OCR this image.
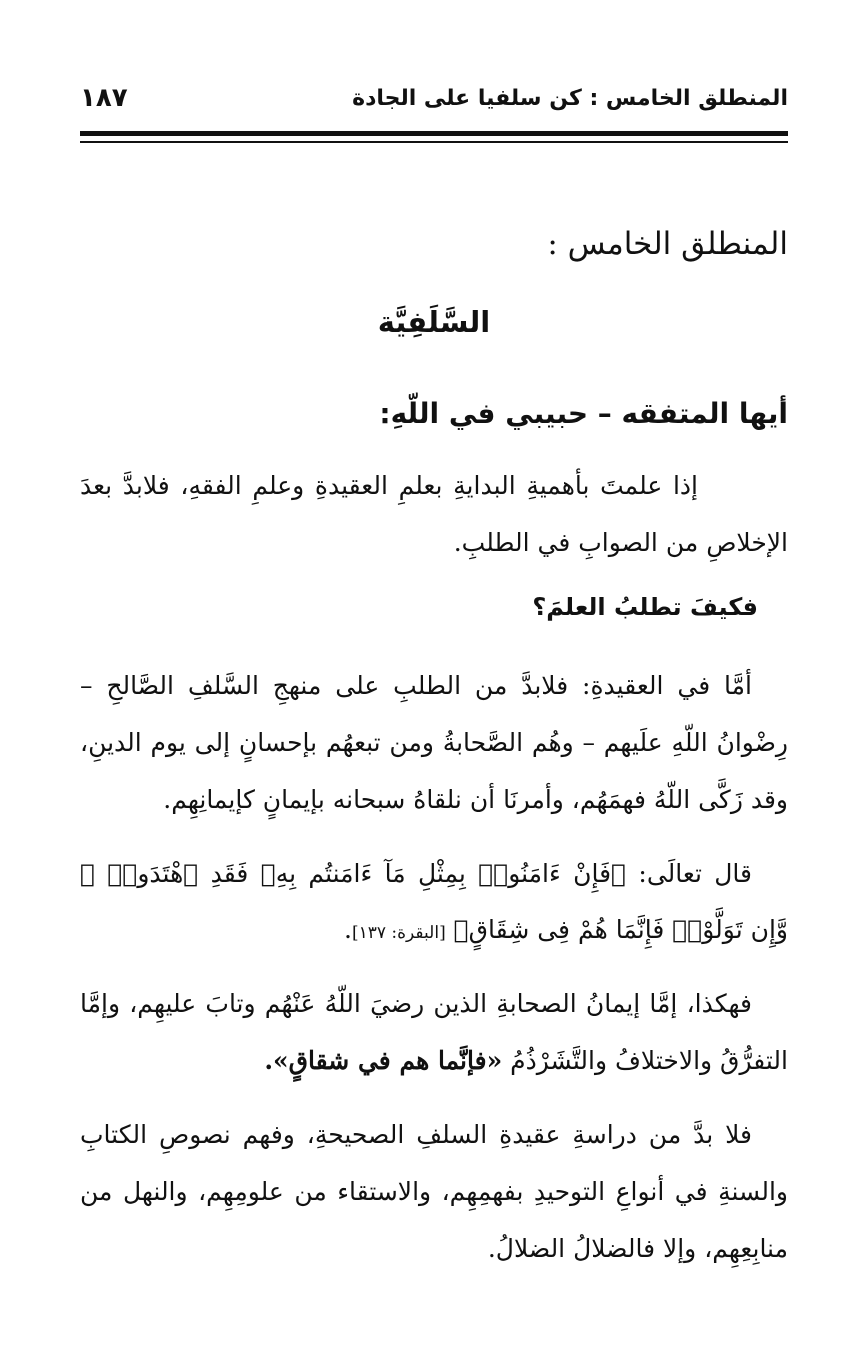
المنطلق الخامس : كن سلفيا على الجادة
١٨٧
المنطلق الخامس :
السَّلَفِيَّة
أيها المتفقه – حبيبي في اللّهِ:

إذا علمتَ بأهميةِ البدايةِ بعلمِ العقيدةِ وعلمِ الفقهِ، فلابدَّ بعدَ الإخلاصِ من الصوابِ في الطلبِ.

فكيفَ تطلبُ العلمَ؟

أمَّا في العقيدةِ: فلابدَّ من الطلبِ على منهجِ السَّلفِ الصَّالحِ – رِضْوانُ اللّهِ علَيهم – وهُم الصَّحابةُ ومن تبعهُم بإحسانٍ إلى يوم الدينِ، وقد زَكَّى اللّهُ فهمَهُم، وأمرنَا أن نلقاهُ سبحانه بإيمانٍ كإيمانِهِم.

قال تعالَى: ﴿فَإِنْ ءَامَنُوا۟ بِمِثْلِ مَآ ءَامَنتُم بِهِۦ فَقَدِ ٱهْتَدَوا۟ ۖ وَّإِن تَوَلَّوْا۟ فَإِنَّمَا هُمْ فِى شِقَاقٍ﴾ [البقرة: ١٣٧].

فهكذا، إمَّا إيمانُ الصحابةِ الذين رضيَ اللّهُ عَنْهُم وتابَ عليهِم، وإمَّا التفرُّقُ والاختلافُ والتَّشَرْذُمُ «فإنَّما هم في شقاقٍ».

فلا بدَّ من دراسةِ عقيدةِ السلفِ الصحيحةِ، وفهم نصوصِ الكتابِ والسنةِ في أنواعِ التوحيدِ بفهمِهِم، والاستقاء من علومِهِم، والنهل من منابِعِهِم، وإلا فالضلالُ الضلالُ.
